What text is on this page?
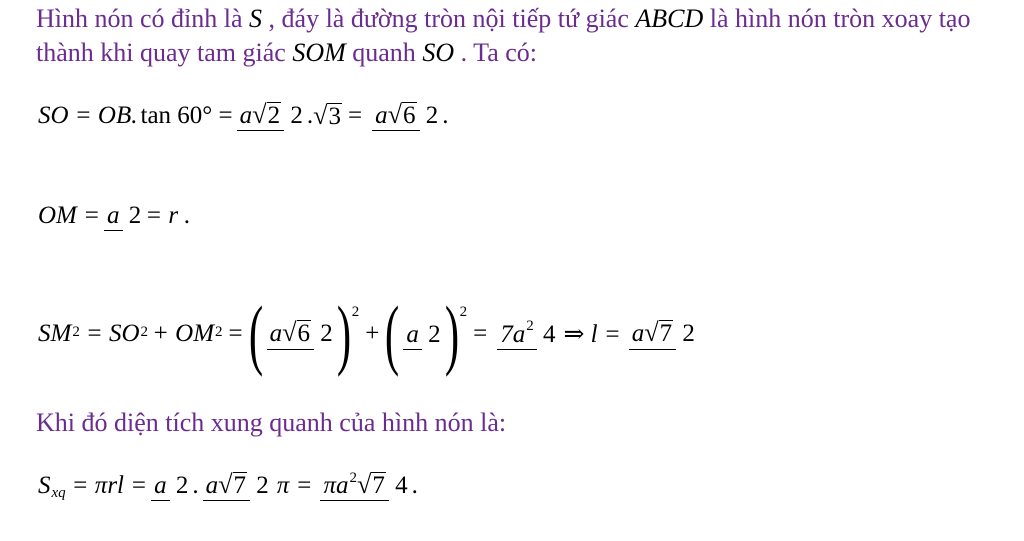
Hình nón có đỉnh là S , đáy là đường tròn nội tiếp tứ giác ABCD là hình nón tròn xoay tạo
thành khi quay tam giác SOM quanh SO . Ta có:
SO = OB. tan 60° = a√2 2 . √3 = a√6 2 .
OM = a 2 = r .
SM 2 = SO 2 + OM 2 = ( a√6 2 ) 2
+ ( a 2 ) 2
= 7a2 4 ⇒ l = a√7 2
Khi đó diện tích xung quanh của hình nón là:
S xq = πrl = a 2 . a√7 2 π = πa2√7 4 .
